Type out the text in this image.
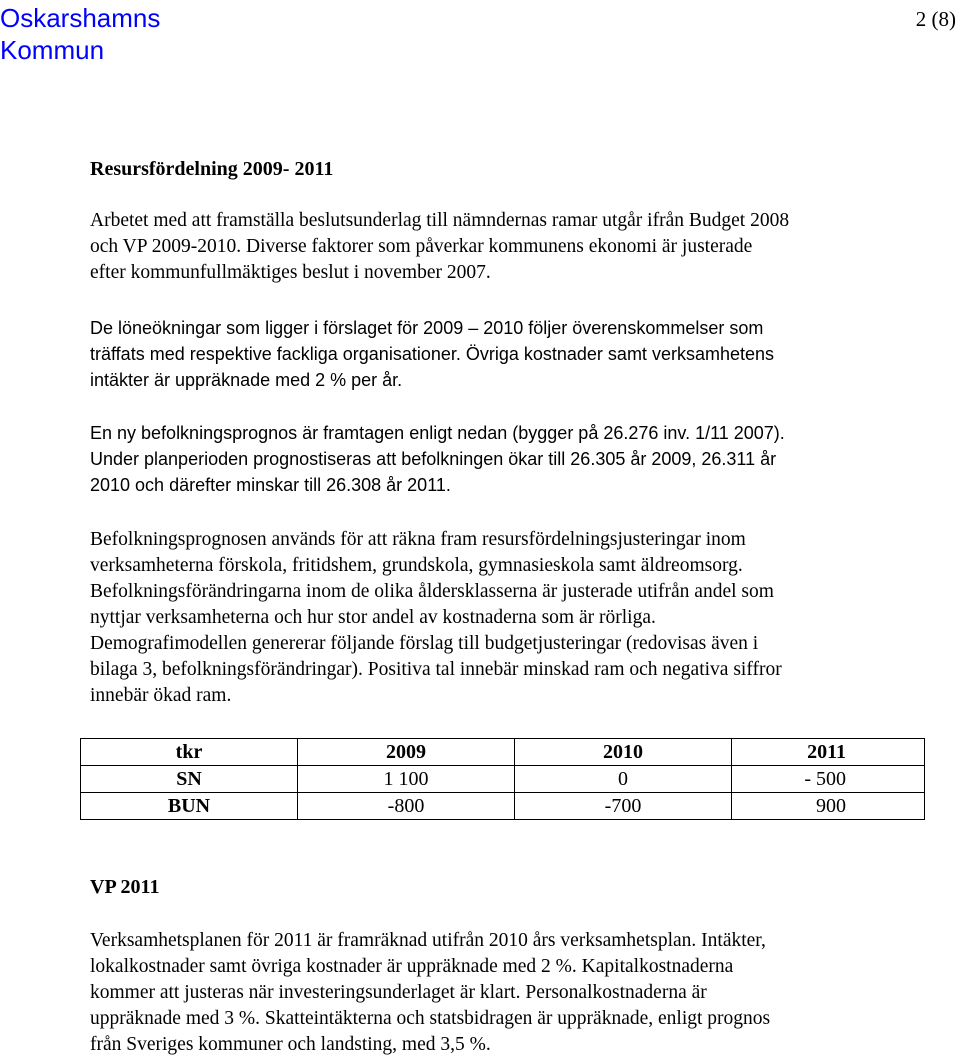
Oskarshamns
Kommun
2 (8)
Resursfördelning 2009- 2011

Arbetet med att framställa beslutsunderlag till nämndernas ramar utgår ifrån Budget 2008
och VP 2009-2010. Diverse faktorer som påverkar kommunens ekonomi är justerade
efter kommunfullmäktiges beslut i november 2007.

De löneökningar som ligger i förslaget för 2009 – 2010 följer överenskommelser som
träffats med respektive fackliga organisationer. Övriga kostnader samt verksamhetens
intäkter är uppräknade med 2 % per år.

En ny befolkningsprognos är framtagen enligt nedan (bygger på 26.276 inv. 1/11 2007).
Under planperioden prognostiseras att befolkningen ökar till 26.305 år 2009, 26.311 år
2010 och därefter minskar till 26.308 år 2011.

Befolkningsprognosen används för att räkna fram resursfördelningsjusteringar inom
verksamheterna förskola, fritidshem, grundskola, gymnasieskola samt äldreomsorg.
Befolkningsförändringarna inom de olika åldersklasserna är justerade utifrån andel som
nyttjar verksamheterna och hur stor andel av kostnaderna som är rörliga.
Demografimodellen genererar följande förslag till budgetjusteringar (redovisas även i
bilaga 3, befolkningsförändringar). Positiva tal innebär minskad ram och negativa siffror
innebär ökad ram.

VP 2011

Verksamhetsplanen för 2011 är framräknad utifrån 2010 års verksamhetsplan. Intäkter,
lokalkostnader samt övriga kostnader är uppräknade med 2 %. Kapitalkostnaderna
kommer att justeras när investeringsunderlaget är klart. Personalkostnaderna är
uppräknade med 3 %. Skatteintäkterna och statsbidragen är uppräknade, enligt prognos
från Sveriges kommuner och landsting, med 3,5 %.

tkr	2009	2010	2011
SN	1 100	0	- 500
BUN	-800	-700	900
